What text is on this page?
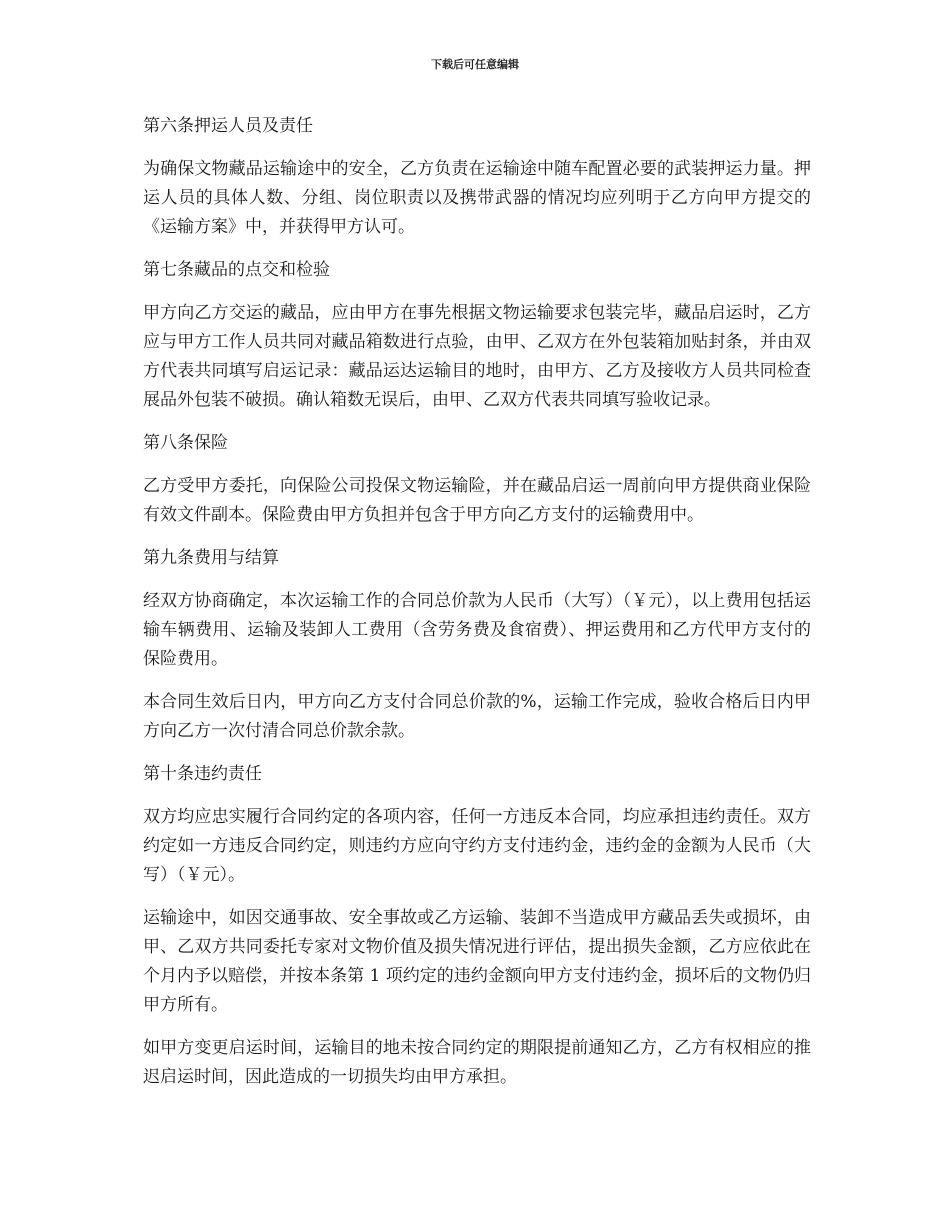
下载后可任意编辑

第六条押运人员及责任

为确保文物藏品运输途中的安全，乙方负责在运输途中随车配置必要的武装押运力量。押运人员的具体人数、分组、岗位职责以及携带武器的情况均应列明于乙方向甲方提交的《运输方案》中，并获得甲方认可。

第七条藏品的点交和检验

甲方向乙方交运的藏品，应由甲方在事先根据文物运输要求包装完毕，藏品启运时，乙方应与甲方工作人员共同对藏品箱数进行点验，由甲、乙双方在外包装箱加贴封条，并由双方代表共同填写启运记录：藏品运达运输目的地时，由甲方、乙方及接收方人员共同检查展品外包装不破损。确认箱数无误后，由甲、乙双方代表共同填写验收记录。

第八条保险

乙方受甲方委托，向保险公司投保文物运输险，并在藏品启运一周前向甲方提供商业保险有效文件副本。保险费由甲方负担并包含于甲方向乙方支付的运输费用中。

第九条费用与结算

经双方协商确定，本次运输工作的合同总价款为人民币（大写）（￥元），以上费用包括运输车辆费用、运输及装卸人工费用（含劳务费及食宿费）、押运费用和乙方代甲方支付的保险费用。

本合同生效后日内，甲方向乙方支付合同总价款的%，运输工作完成，验收合格后日内甲方向乙方一次付清合同总价款余款。

第十条违约责任

双方均应忠实履行合同约定的各项内容，任何一方违反本合同，均应承担违约责任。双方约定如一方违反合同约定，则违约方应向守约方支付违约金，违约金的金额为人民币（大写）（￥元）。

运输途中，如因交通事故、安全事故或乙方运输、装卸不当造成甲方藏品丢失或损坏，由甲、乙双方共同委托专家对文物价值及损失情况进行评估，提出损失金额，乙方应依此在个月内予以赔偿，并按本条第 1 项约定的违约金额向甲方支付违约金，损坏后的文物仍归甲方所有。

如甲方变更启运时间，运输目的地未按合同约定的期限提前通知乙方，乙方有权相应的推迟启运时间，因此造成的一切损失均由甲方承担。
